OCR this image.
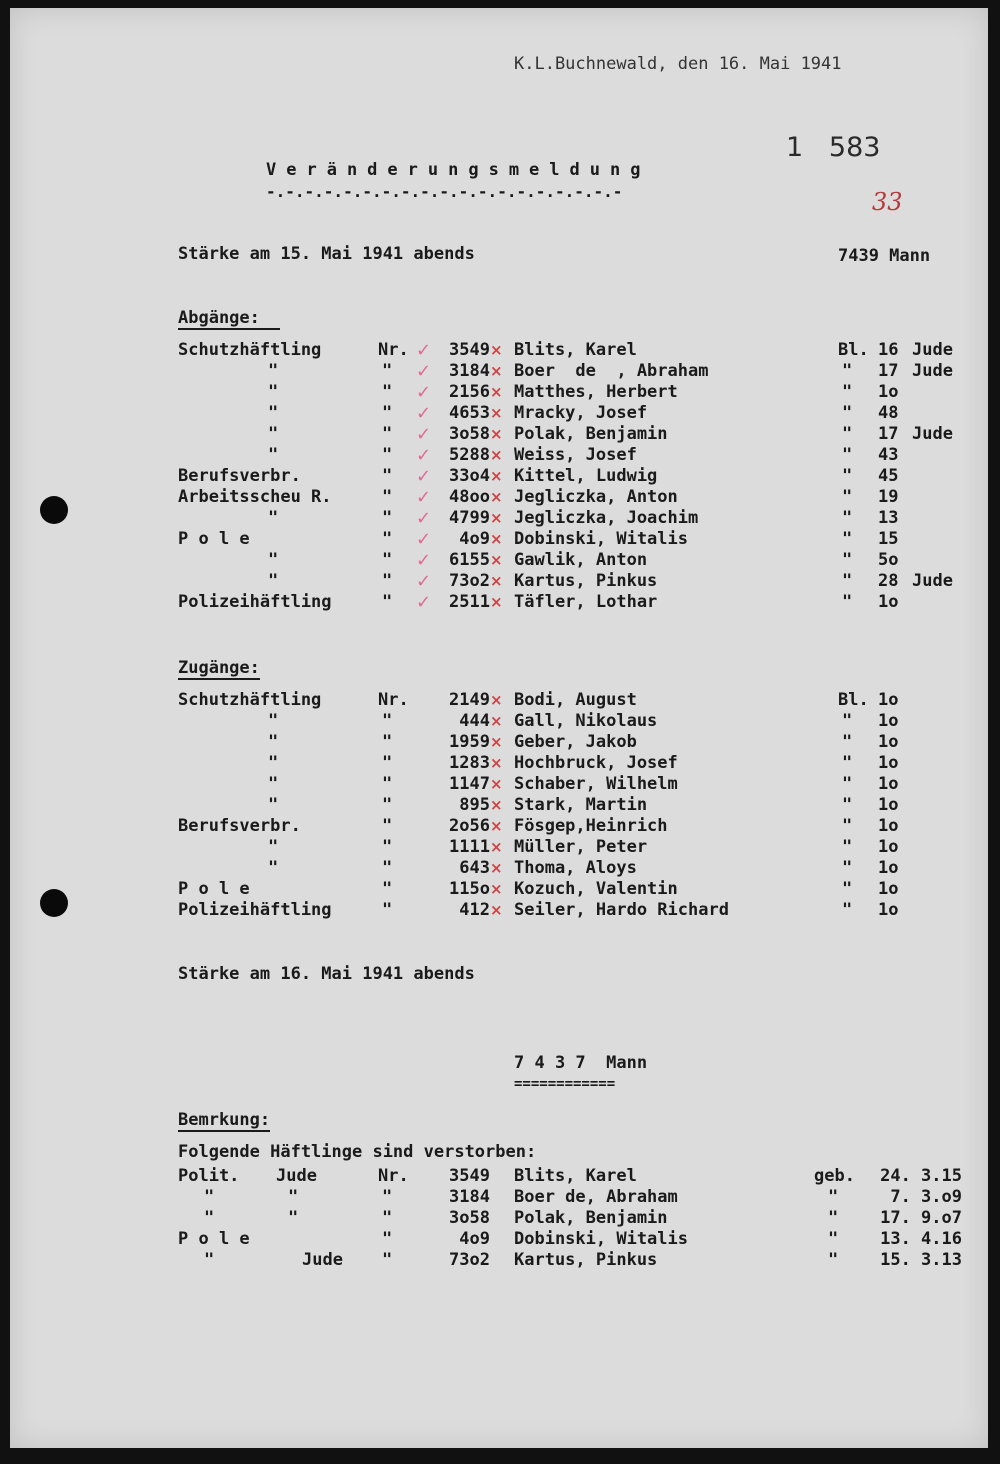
K.L.Buchnewald, den 16. Mai 1941
1   583
33
Veränderungsmeldung
-.-.-.-.-.-.-.-.-.-.-.-.-.-.-.-.-.-.-
Stärke am 15. Mai 1941 abends	7439 Mann
Abgänge:
Schutzhäftling	Nr. ✓	3549 × Blits, Karel	Bl. 16 Jude
"	" ✓	3184 × Boer  de  , Abraham	" 17 Jude
"	" ✓	2156 × Matthes, Herbert	" 1o
"	" ✓	4653 × Mracky, Josef	" 48
"	" ✓	3o58 × Polak, Benjamin	" 17 Jude
"	" ✓	5288 × Weiss, Josef	" 43
Berufsverbr.	" ✓	33o4 × Kittel, Ludwig	" 45
Arbeitsscheu R.	" ✓	48oo × Jegliczka, Anton	" 19
"	" ✓	4799 × Jegliczka, Joachim	" 13
P o l e	" ✓	4o9 × Dobinski, Witalis	" 15
"	" ✓	6155 × Gawlik, Anton	" 5o
"	" ✓	73o2 × Kartus, Pinkus	" 28 Jude
Polizeihäftling	" ✓	2511 × Täfler, Lothar	" 1o
Zugänge:
Schutzhäftling	Nr.	2149 × Bodi, August	Bl. 1o
"	"	444 × Gall, Nikolaus	" 1o
"	"	1959 × Geber, Jakob	" 1o
"	"	1283 × Hochbruck, Josef	" 1o
"	"	1147 × Schaber, Wilhelm	" 1o
"	"	895 × Stark, Martin	" 1o
Berufsverbr.	"	2o56 × Fösgep,Heinrich	" 1o
"	"	1111 × Müller, Peter	" 1o
"	"	643 × Thoma, Aloys	" 1o
P o l e	"	115o × Kozuch, Valentin	" 1o
Polizeihäftling	"	412 × Seiler, Hardo Richard	" 1o
Stärke am 16. Mai 1941 abends
7 4 3 7  Mann
============
Bemrkung:
Folgende Häftlinge sind verstorben:
Polit. Jude	Nr.	3549 Blits, Karel	geb.	24. 3.15
"	"	"	3184 Boer de, Abraham	"	7. 3.o9
"	"	"	3o58 Polak, Benjamin	"	17. 9.o7
P o l e	"	4o9 Dobinski, Witalis	"	13. 4.16
"	Jude "	73o2 Kartus, Pinkus	"	15. 3.13
